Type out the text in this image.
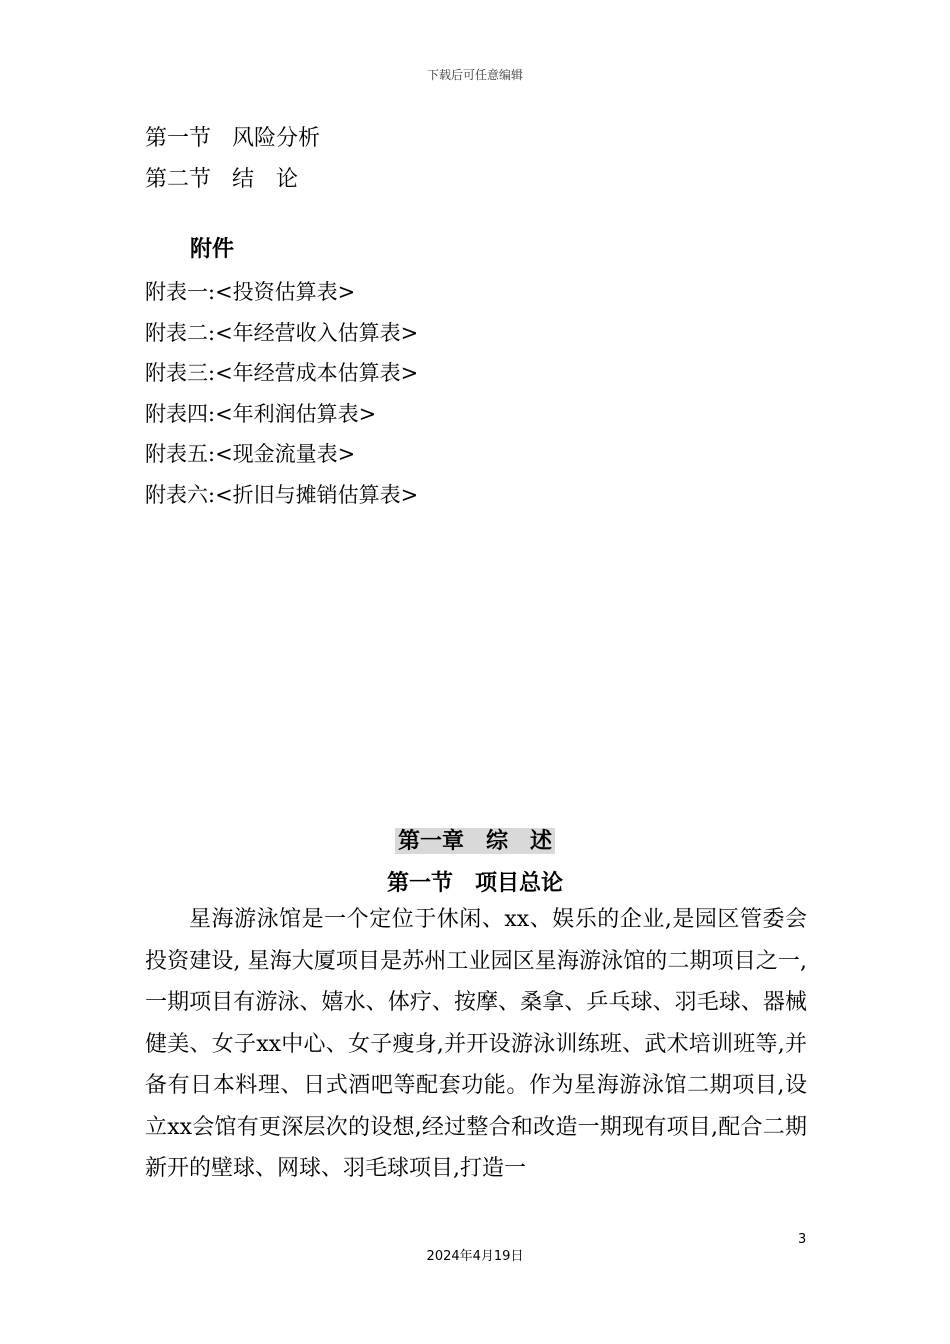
下载后可任意编辑
第一节 风险分析
第二节 结　论
附件
附表一:<投资估算表>
附表二:<年经营收入估算表>
附表三:<年经营成本估算表>
附表四:<年利润估算表>
附表五:<现金流量表>
附表六:<折旧与摊销估算表>
第一章　综　述
第一节　项目总论
星海游泳馆是一个定位于休闲、xx、娱乐的企业,是园区管委会投资建设, 星海大厦项目是苏州工业园区星海游泳馆的二期项目之一,一期项目有游泳、嬉水、体疗、按摩、桑拿、乒乓球、羽毛球、器械健美、女子xx中心、女子瘦身,并开设游泳训练班、武术培训班等,并备有日本料理、日式酒吧等配套功能。作为星海游泳馆二期项目,设立xx会馆有更深层次的设想,经过整合和改造一期现有项目,配合二期新开的壁球、网球、羽毛球项目,打造一
3
2024年4月19日
